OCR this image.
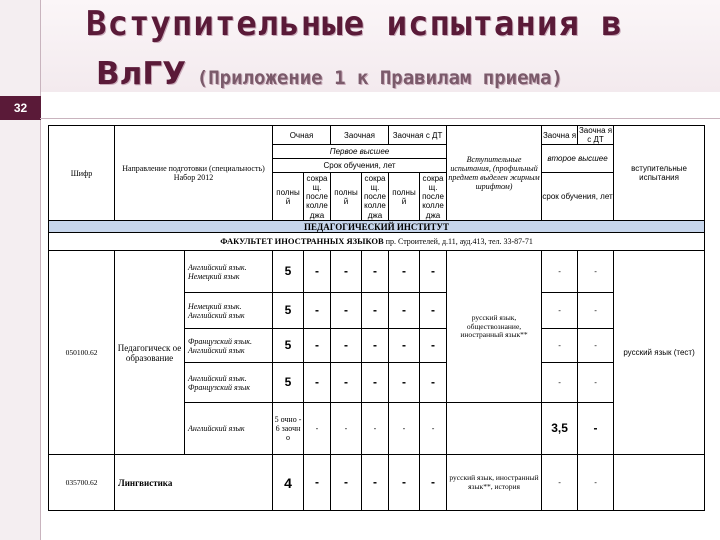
Вступительные испытания в
ВлГУ (Приложение 1 к Правилам приема)
32
Шифр	Направление подготовки (специальность) Набор 2012		Очная		Заочная		Заочная с ДТ		Вступительные испытания, (профильный предмет выделен жирным шрифтом)	Заочна я	Заочна я с ДТ	вступительные испытания
			Первое высшее							второе высшее		
			Срок обучения, лет									
			полны й	сокра щ. после колле джа	полны й	сокра щ. после колле джа	полны й	сокра щ. после колле джа		срок обучения, лет		
ПЕДАГОГИЧЕСКИЙ ИНСТИТУТ												
ФАКУЛЬТЕТ ИНОСТРАННЫХ ЯЗЫКОВ пр. Строителей, д.11, ауд.413, тел. 33-87-71												
050100.62	Педагогическ ое образование	Английский язык. Немецкий язык	5	-	-	-	-	-	русский язык, обществознание, иностранный язык**	-	-	русский язык (тест)
		Немецкий язык. Английский язык	5	-	-	-	-	-		-	-	
		Французский язык. Английский язык	5	-	-	-	-	-		-	-	
		Английский язык. Французский язык	5	-	-	-	-	-		-	-	
		Английский язык	5 очно - 6 заочн о	-	-	-	-	-		3,5	-	
035700.62	Лингвистика		4	-	-	-	-	-	русский язык, иностранный язык**, история	-	-	
